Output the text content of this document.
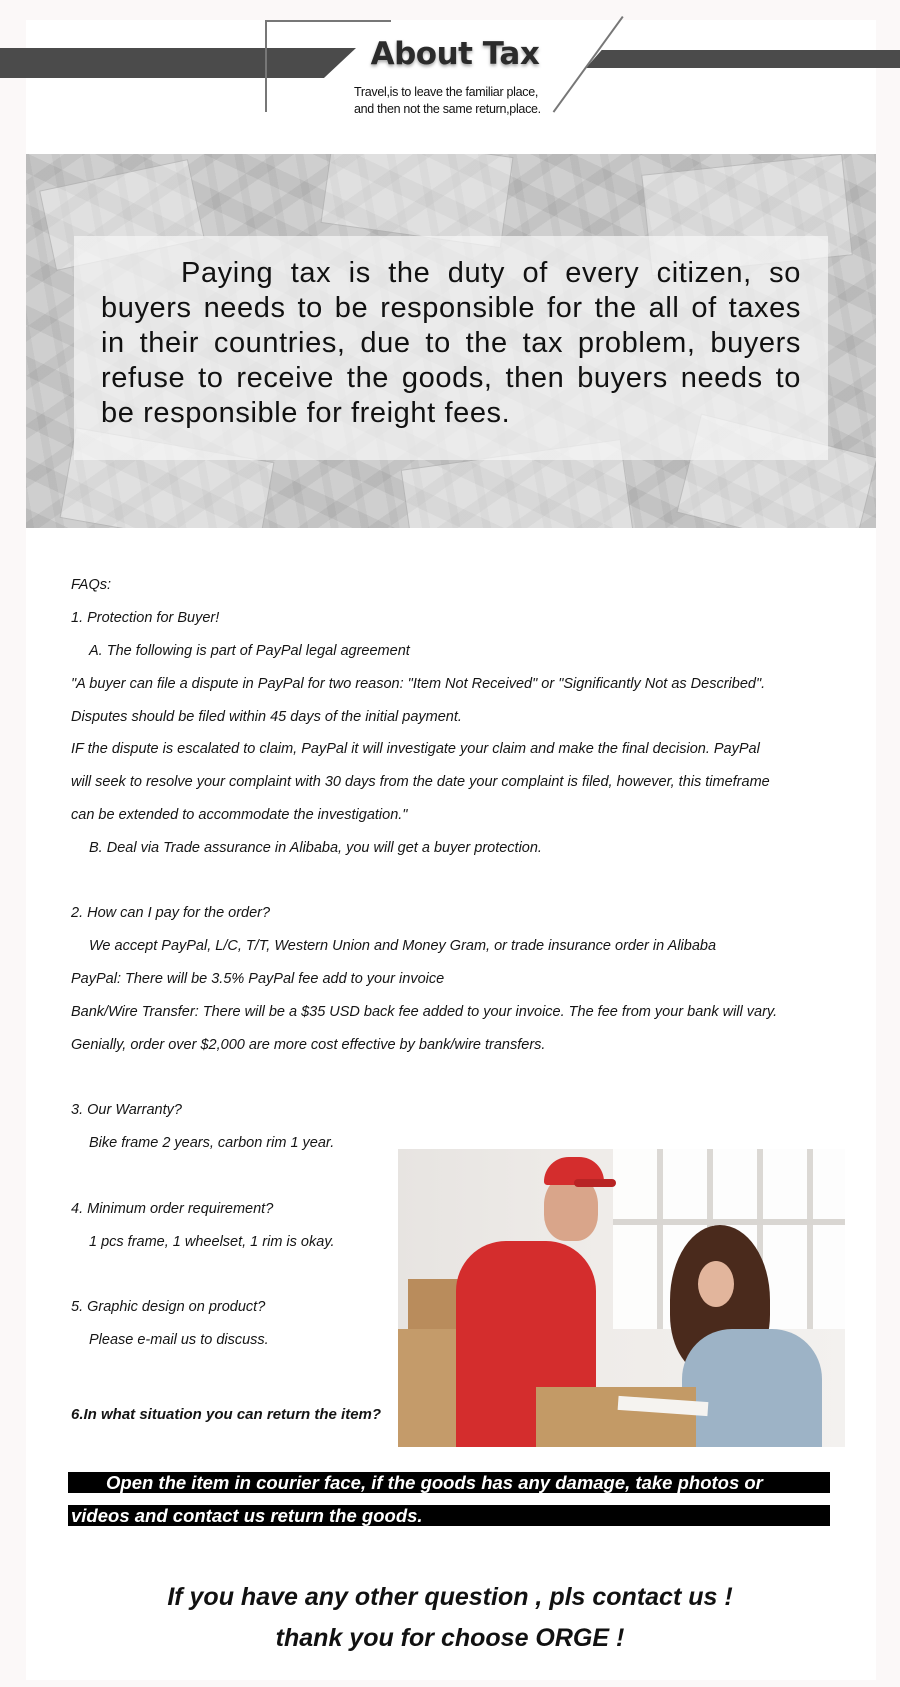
About Tax
Travel,is to leave the familiar place,
and then not the same return,place.
Paying tax is the duty of every citizen, so buyers needs to be responsible for the all of taxes in their countries, due to the tax problem, buyers refuse to receive the goods, then buyers needs to be responsible for freight fees.
FAQs:
1. Protection for Buyer!
A. The following is part of PayPal legal agreement
"A buyer can file a dispute in PayPal for two reason: "Item Not Received" or "Significantly Not as Described".
Disputes should be filed within 45 days of the initial payment.
IF the dispute is escalated to claim, PayPal it will investigate your claim and make the final decision. PayPal
will seek to resolve your complaint with 30 days from the date your complaint is filed, however, this timeframe
can be extended to accommodate the investigation."
B. Deal via Trade assurance in Alibaba, you will get a buyer protection.
2. How can I pay for the order?
We accept PayPal, L/C, T/T, Western Union and Money Gram, or trade insurance order in Alibaba
PayPal: There will be 3.5% PayPal fee add to your invoice
Bank/Wire Transfer: There will be a $35 USD back fee added to your invoice. The fee from your bank will vary.
Genially, order over $2,000 are more cost effective by bank/wire transfers.
3. Our Warranty?
Bike frame 2 years, carbon rim 1 year.
4. Minimum order requirement?
1 pcs frame, 1 wheelset, 1 rim is okay.
5. Graphic design on product?
Please e-mail us to discuss.
6.In what situation you can return the item?
Open the item in courier face, if the goods has any damage, take photos or
videos and contact us return the goods.
If you have any other question , pls contact us !
thank you for choose ORGE !
